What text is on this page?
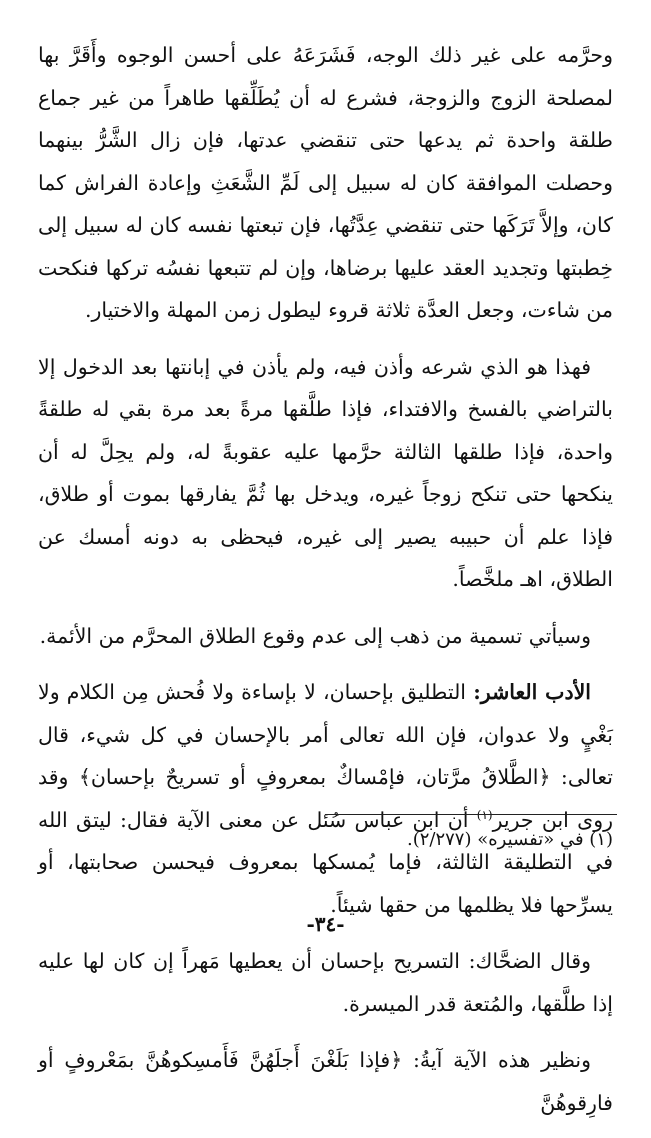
وحرَّمه على غير ذلك الوجه، فَشَرَعَهُ على أحسن الوجوه وأَقَرَّ بها لمصلحة الزوج والزوجة، فشرع له أن يُطَلِّقها طاهراً من غير جماع طلقة واحدة ثم يدعها حتى تنقضي عدتها، فإن زال الشَّرُّ بينهما وحصلت الموافقة كان له سبيل إلى لَمِّ الشَّعَثِ وإعادة الفراش كما كان، وإلاَّ تَرَكَها حتى تنقضي عِدَّتُها، فإن تبعتها نفسه كان له سبيل إلى خِطبتها وتجديد العقد عليها برضاها، وإن لم تتبعها نفسُه تركها فنكحت من شاءت، وجعل العدَّة ثلاثة قروء ليطول زمن المهلة والاختيار.

فهذا هو الذي شرعه وأذن فيه، ولم يأذن في إبانتها بعد الدخول إلا بالتراضي بالفسخ والافتداء، فإذا طلَّقها مرةً بعد مرة بقي له طلقةً واحدة، فإذا طلقها الثالثة حرَّمها عليه عقوبةً له، ولم يحِلَّ له أن ينكحها حتى تنكح زوجاً غيره، ويدخل بها ثُمَّ يفارقها بموت أو طلاق، فإذا علم أن حبيبه يصير إلى غيره، فيحظى به دونه أمسك عن الطلاق، اهـ ملخَّصاً.

وسيأتي تسمية من ذهب إلى عدم وقوع الطلاق المحرَّم من الأئمة.

الأدب العاشر: التطليق بإحسان، لا بإساءة ولا فُحش مِن الكلام ولا بَغْيٍ ولا عدوان، فإن الله تعالى أمر بالإحسان في كل شيء، قال تعالى: ﴿الطَّلاقُ مرَّتان، فإمْساكٌ بمعروفٍ أو تسريحٌ بإحسان﴾ وقد روى ابن جرير$^{(١)}$ أن ابن عباس سُئل عن معنى الآية فقال: ليتق الله في التطليقة الثالثة، فإما يُمسكها بمعروف فيحسن صحابتها، أو يسرِّحها فلا يظلمها من حقها شيئاً.

وقال الضحَّاك: التسريح بإحسان أن يعطيها مَهراً إن كان لها عليه إذا طلَّقها، والمُتعة قدر الميسرة.

ونظير هذه الآية آيةُ: ﴿فإذا بَلَغْنَ أَجلَهُنَّ فَأَمسِكوهُنَّ بمَعْروفٍ أو فارِقوهُنَّ

(١) في «تفسيره» (٢/٢٧٧).
-٣٤-
